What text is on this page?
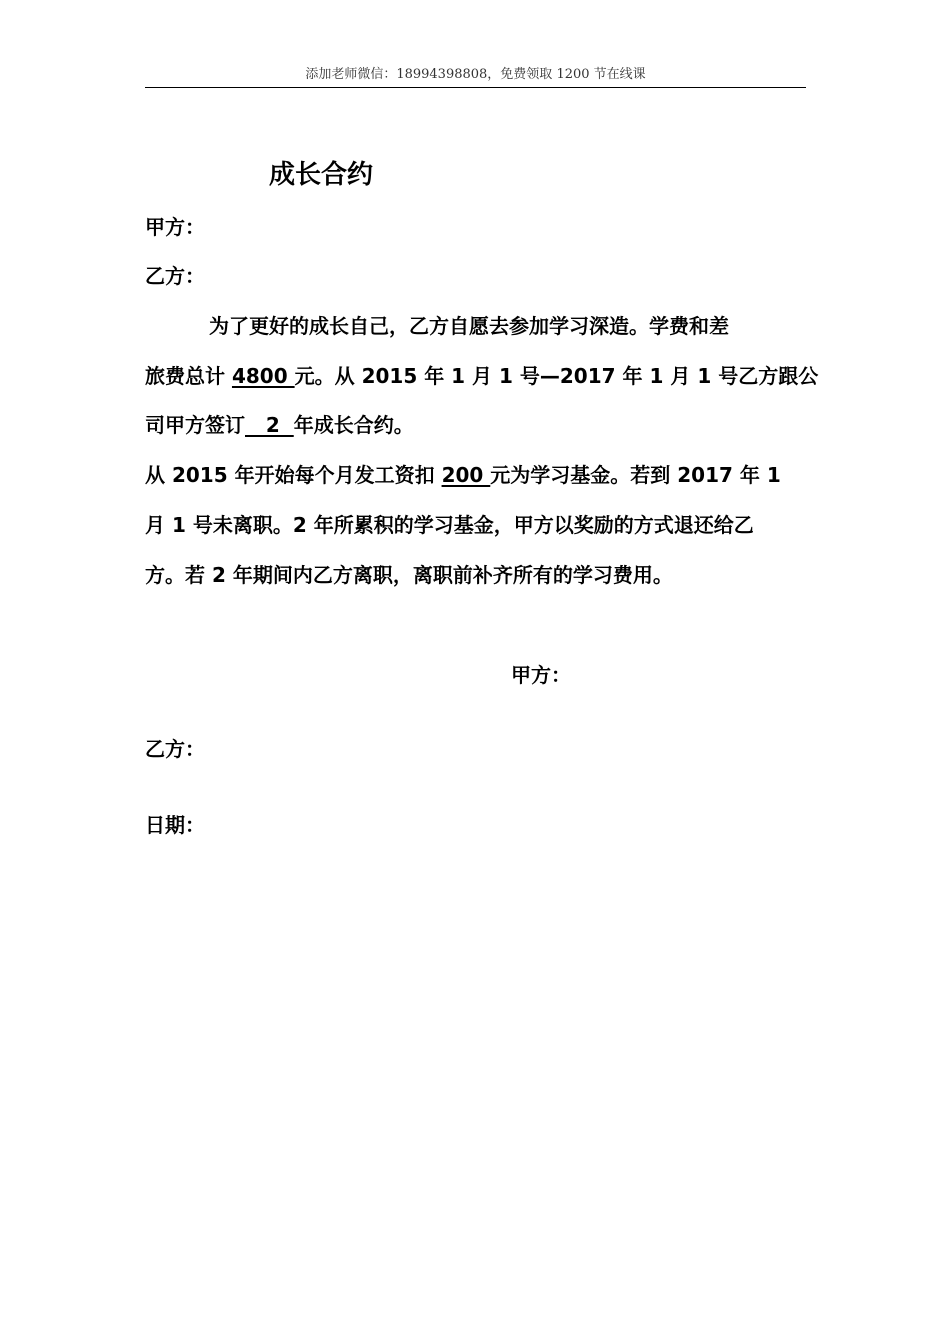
添加老师微信：18994398808，免费领取 1200 节在线课
成长合约
甲方：
乙方：
为了更好的成长自己，乙方自愿去参加学习深造。学费和差
旅费总计 4800 元。从 2015 年 1 月 1 号—2017 年 1 月 1 号乙方跟公
司甲方签订   2  年成长合约。
从 2015 年开始每个月发工资扣 200 元为学习基金。若到 2017 年 1
月 1 号未离职。2 年所累积的学习基金，甲方以奖励的方式退还给乙
方。若 2 年期间内乙方离职，离职前补齐所有的学习费用。
甲方：
乙方：
日期：
